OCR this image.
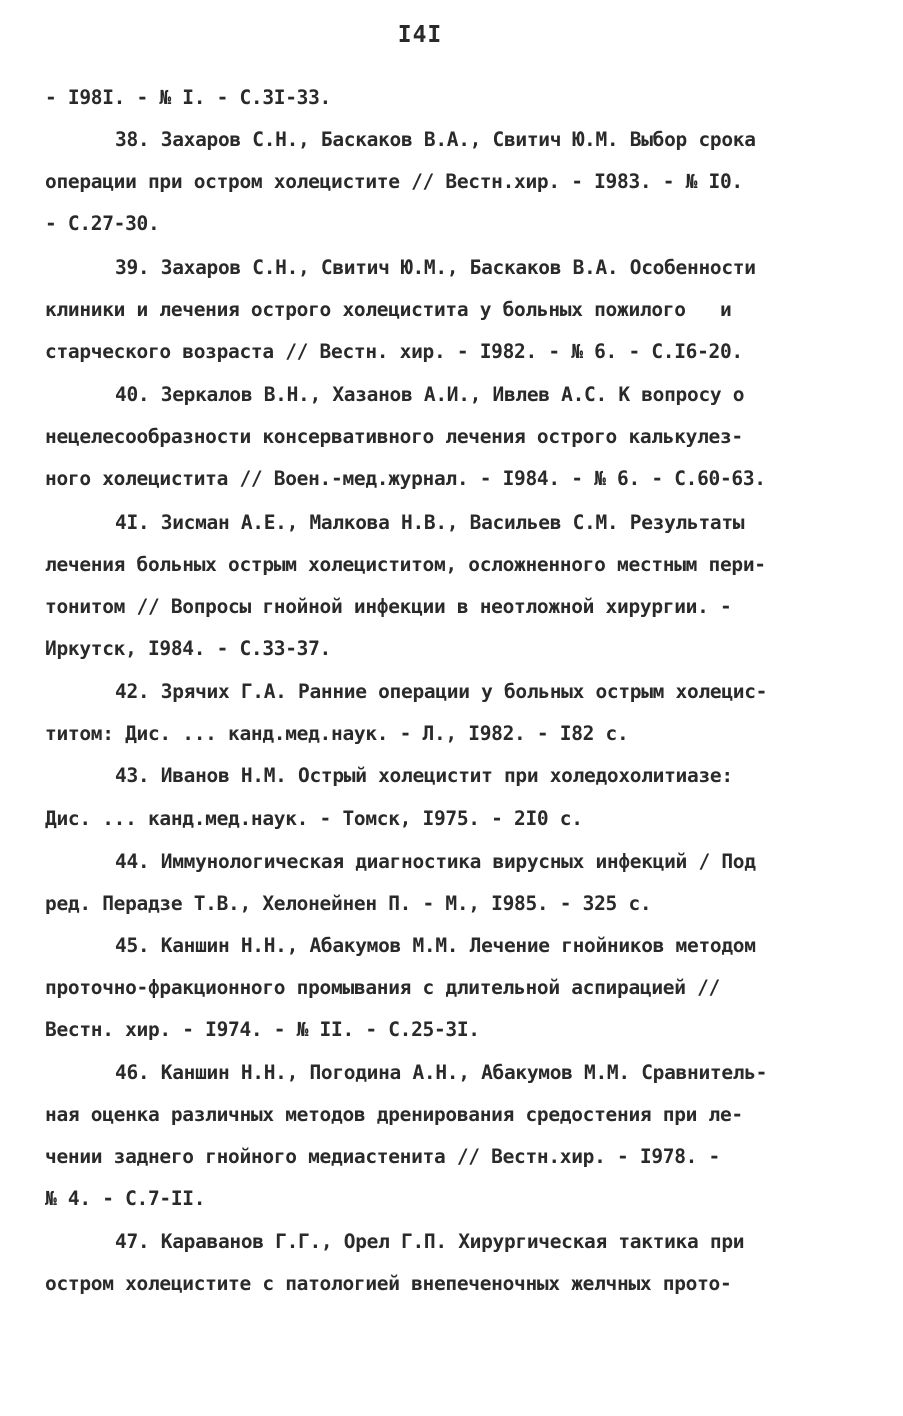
I4I
- I98I. - № I. - С.3I-33.
38. Захаров С.Н., Баскаков В.А., Свитич Ю.М. Выбор срока
операции при остром холецистите // Вестн.хир. - I983. - № I0.
- С.27-30.
39. Захаров С.Н., Свитич Ю.М., Баскаков В.А. Особенности
клиники и лечения острого холецистита у больных пожилого   и
старческого возраста // Вестн. хир. - I982. - № 6. - С.I6-20.
40. Зеркалов В.Н., Хазанов А.И., Ивлев А.С. К вопросу о
нецелесообразности консервативного лечения острого калькулез-
ного холецистита // Воен.-мед.журнал. - I984. - № 6. - С.60-63.
4I. Зисман А.Е., Малкова Н.В., Васильев С.М. Результаты
лечения больных острым холециститом, осложненного местным пери-
тонитом // Вопросы гнойной инфекции в неотложной хирургии. -
Иркутск, I984. - С.33-37.
42. Зрячих Г.А. Ранние операции у больных острым холецис-
титом: Дис. ... канд.мед.наук. - Л., I982. - I82 с.
43. Иванов Н.М. Острый холецистит при холедохолитиазе:
Дис. ... канд.мед.наук. - Томск, I975. - 2I0 с.
44. Иммунологическая диагностика вирусных инфекций / Под
ред. Перадзе Т.В., Хелонейнен П. - М., I985. - 325 с.
45. Каншин Н.Н., Абакумов М.М. Лечение гнойников методом
проточно-фракционного промывания с длительной аспирацией //
Вестн. хир. - I974. - № II. - С.25-3I.
46. Каншин Н.Н., Погодина А.Н., Абакумов М.М. Сравнитель-
ная оценка различных методов дренирования средостения при ле-
чении заднего гнойного медиастенита // Вестн.хир. - I978. -
№ 4. - С.7-II.
47. Караванов Г.Г., Орел Г.П. Хирургическая тактика при
остром холецистите с патологией внепеченочных желчных прото-
